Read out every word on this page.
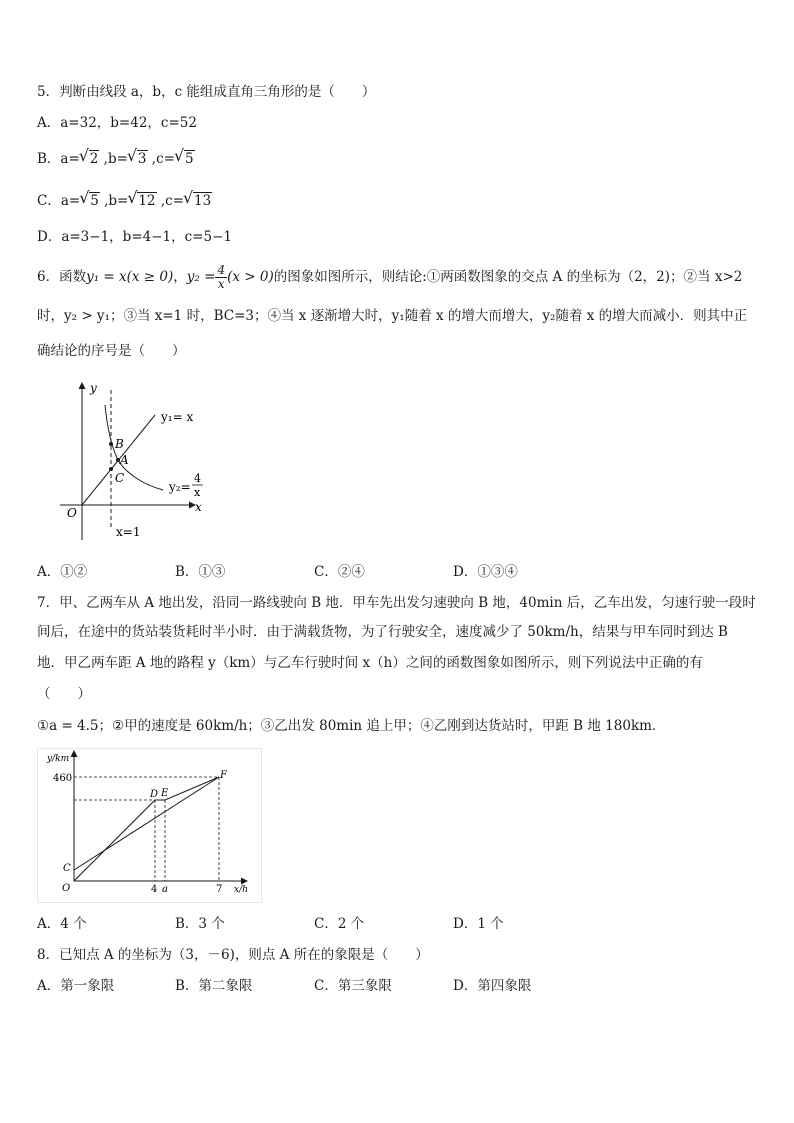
5．判断由线段 a，b，c 能组成直角三角形的是（　　）
A．a=32，b=42，c=52
B．a= √ 2 ,b= √ 3 ,c= √ 5
C．a= √ 5 ,b= √ 12 ,c= √ 13
D．a=3−1，b=4−1，c=5−1
6．函数y₁ = x(x ≥ 0)，$y_2 = \frac{4}{x} (x > 0)$的图象如图所示，则结论:①两函数图象的交点 A 的坐标为（2，2)；②当 x>2
时，y₂ > y₁；③当 x=1 时，BC=3；④当 x 逐渐增大时，y₁随着 x 的增大而增大，y₂随着 x 的增大而减小．则其中正
确结论的序号是（　　）
y
x
O
B
A
C
y₁= x
y₂=
4
x
x=1
A．①②	B．①③	C．②④	D．①③④
7．甲、乙两车从 A 地出发，沿同一路线驶向 B 地．甲车先出发匀速驶向 B 地，40min 后，乙车出发，匀速行驶一段时
间后，在途中的货站装货耗时半小时．由于满载货物，为了行驶安全，速度减少了 50km/h，结果与甲车同时到达 B
地．甲乙两车距 A 地的路程 y（km）与乙车行驶时间 x（h）之间的函数图象如图所示，则下列说法中正确的有
（　　）
①a = 4.5；②甲的速度是 60km/h；③乙出发 80min 追上甲；④乙刚到达货站时，甲距 B 地 180km．
y/km
x/h
460
O
C
D E
F
4 a	7
A．4 个	B．3 个	C．2 个	D．1 个
8．已知点 A 的坐标为（3，－6)，则点 A 所在的象限是（　　）
A．第一象限	B．第二象限	C．第三象限	D．第四象限
